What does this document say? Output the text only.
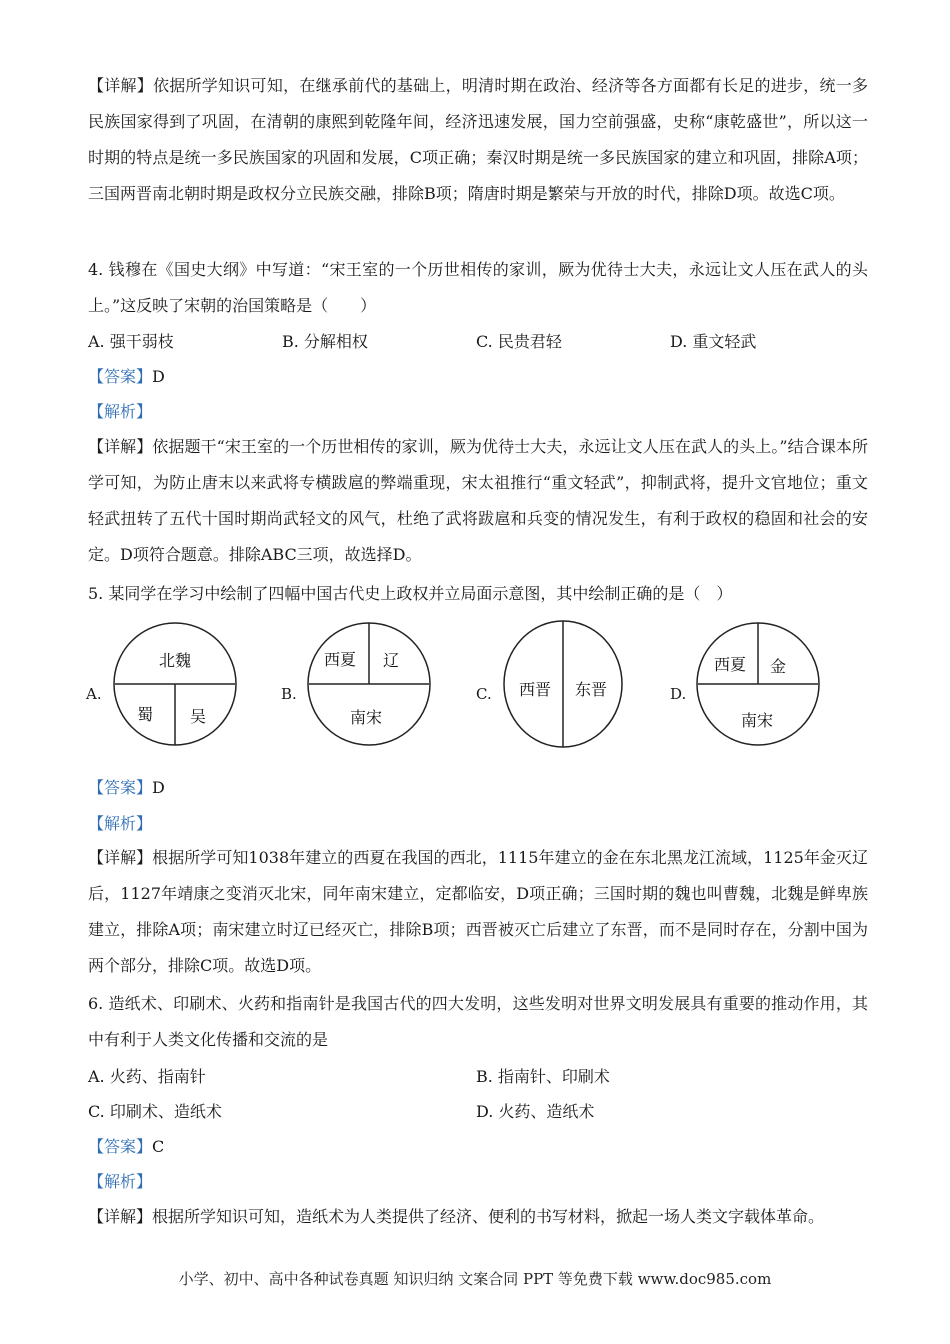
【详解】依据所学知识可知，在继承前代的基础上，明清时期在政治、经济等各方面都有长足的进步，统一多民族国家得到了巩固，在清朝的康熙到乾隆年间，经济迅速发展，国力空前强盛，史称“康乾盛世”，所以这一时期的特点是统一多民族国家的巩固和发展，C项正确；秦汉时期是统一多民族国家的建立和巩固，排除A项；三国两晋南北朝时期是政权分立民族交融，排除B项；隋唐时期是繁荣与开放的时代，排除D项。故选C项。

4. 钱穆在《国史大纲》中写道：“宋王室的一个历世相传的家训，厥为优待士大夫，永远让文人压在武人的头上。”这反映了宋朝的治国策略是（　　）

A. 强干弱枝	B. 分解相权	C. 民贵君轻	D. 重文轻武

【答案】D

【解析】

【详解】依据题干“宋王室的一个历世相传的家训，厥为优待士大夫，永远让文人压在武人的头上。”结合课本所学可知，为防止唐末以来武将专横跋扈的弊端重现，宋太祖推行“重文轻武”，抑制武将，提升文官地位；重文轻武扭转了五代十国时期尚武轻文的风气，杜绝了武将跋扈和兵变的情况发生，有利于政权的稳固和社会的安定。D项符合题意。排除ABC三项，故选择D。

5. 某同学在学习中绘制了四幅中国古代史上政权并立局面示意图，其中绘制正确的是（　）

A.
北魏
蜀 吴
B.
西夏 辽
南宋
C. 西晋 东晋	D.
西夏 金
南宋

【答案】D

【解析】

【详解】根据所学可知1038年建立的西夏在我国的西北，1115年建立的金在东北黑龙江流域，1125年金灭辽后，1127年靖康之变消灭北宋，同年南宋建立，定都临安，D项正确；三国时期的魏也叫曹魏，北魏是鲜卑族建立，排除A项；南宋建立时辽已经灭亡，排除B项；西晋被灭亡后建立了东晋，而不是同时存在，分割中国为两个部分，排除C项。故选D项。

6. 造纸术、印刷术、火药和指南针是我国古代的四大发明，这些发明对世界文明发展具有重要的推动作用，其中有利于人类文化传播和交流的是

A. 火药、指南针	B. 指南针、印刷术
C. 印刷术、造纸术	D. 火药、造纸术

【答案】C

【解析】

【详解】根据所学知识可知，造纸术为人类提供了经济、便利的书写材料，掀起一场人类文字载体革命。

小学、初中、高中各种试卷真题 知识归纳 文案合同 PPT 等免费下载 www.doc985.com
